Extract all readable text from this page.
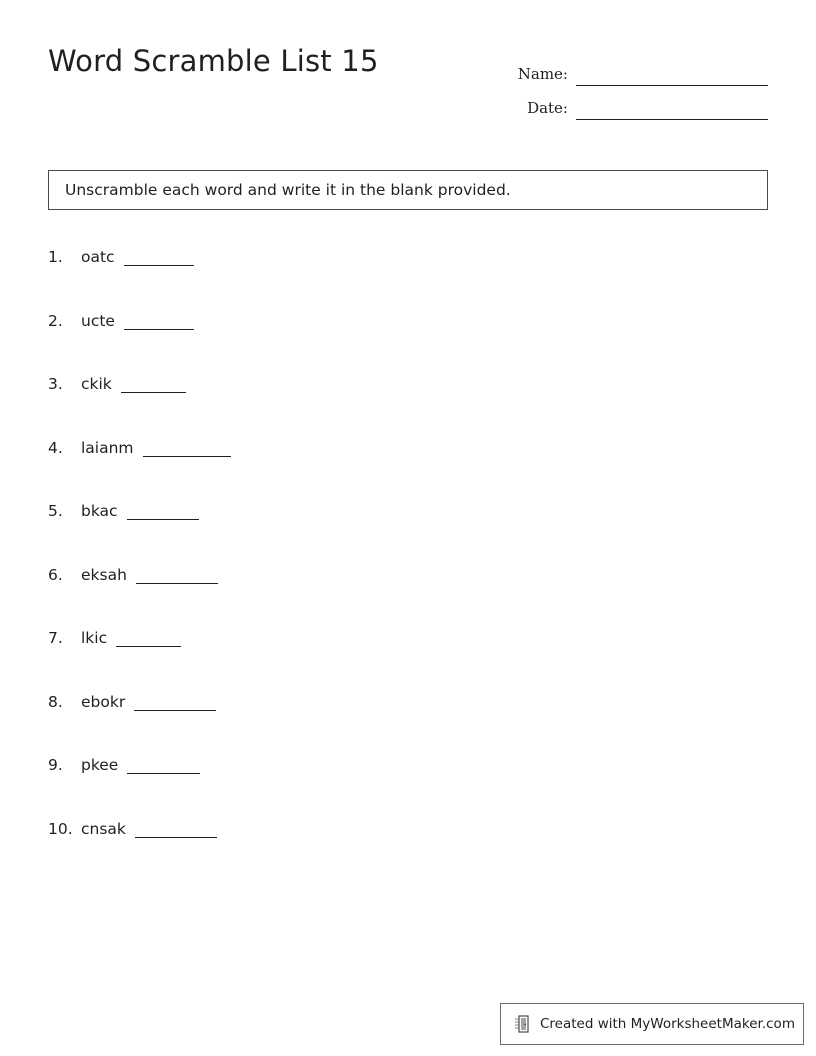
Word Scramble List 15	Name:
Date:
Unscramble each word and write it in the blank provided.
1.	oatc
2.	ucte
3.	ckik
4.	laianm
5.	bkac
6.	eksah
7.	lkic
8.	ebokr
9.	pkee
10. cnsak
Created with MyWorksheetMaker.com
